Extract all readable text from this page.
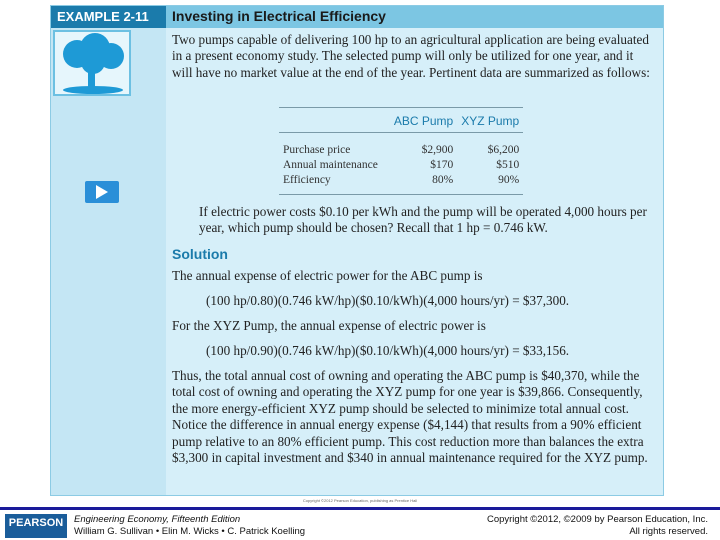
EXAMPLE 2-11	Investing in Electrical Efficiency
Two pumps capable of delivering 100 hp to an agricultural application are being evaluated in a present economy study. The selected pump will only be utilized for one year, and it will have no market value at the end of the year. Pertinent data are summarized as follows:
	ABC Pump	XYZ Pump
Purchase price	$2,900	$6,200
Annual maintenance	$170	$510
Efficiency	80%	90%
If electric power costs $0.10 per kWh and the pump will be operated 4,000 hours per year, which pump should be chosen? Recall that 1 hp = 0.746 kW.
Solution
The annual expense of electric power for the ABC pump is
(100 hp/0.80)(0.746 kW/hp)($0.10/kWh)(4,000 hours/yr) = $37,300.
For the XYZ Pump, the annual expense of electric power is
(100 hp/0.90)(0.746 kW/hp)($0.10/kWh)(4,000 hours/yr) = $33,156.
Thus, the total annual cost of owning and operating the ABC pump is $40,370, while the total cost of owning and operating the XYZ pump for one year is $39,866. Consequently, the more energy-efficient XYZ pump should be selected to minimize total annual cost. Notice the difference in annual energy expense ($4,144) that results from a 90% efficient pump relative to an 80% efficient pump. This cost reduction more than balances the extra $3,300 in capital investment and $340 in annual maintenance required for the XYZ pump.
Copyright ©2012 Pearson Education, publishing as Prentice Hall
PEARSON	Engineering Economy, Fifteenth Edition
William G. Sullivan • Elin M. Wicks • C. Patrick Koelling
Copyright ©2012, ©2009 by Pearson Education, Inc.
All rights reserved.
